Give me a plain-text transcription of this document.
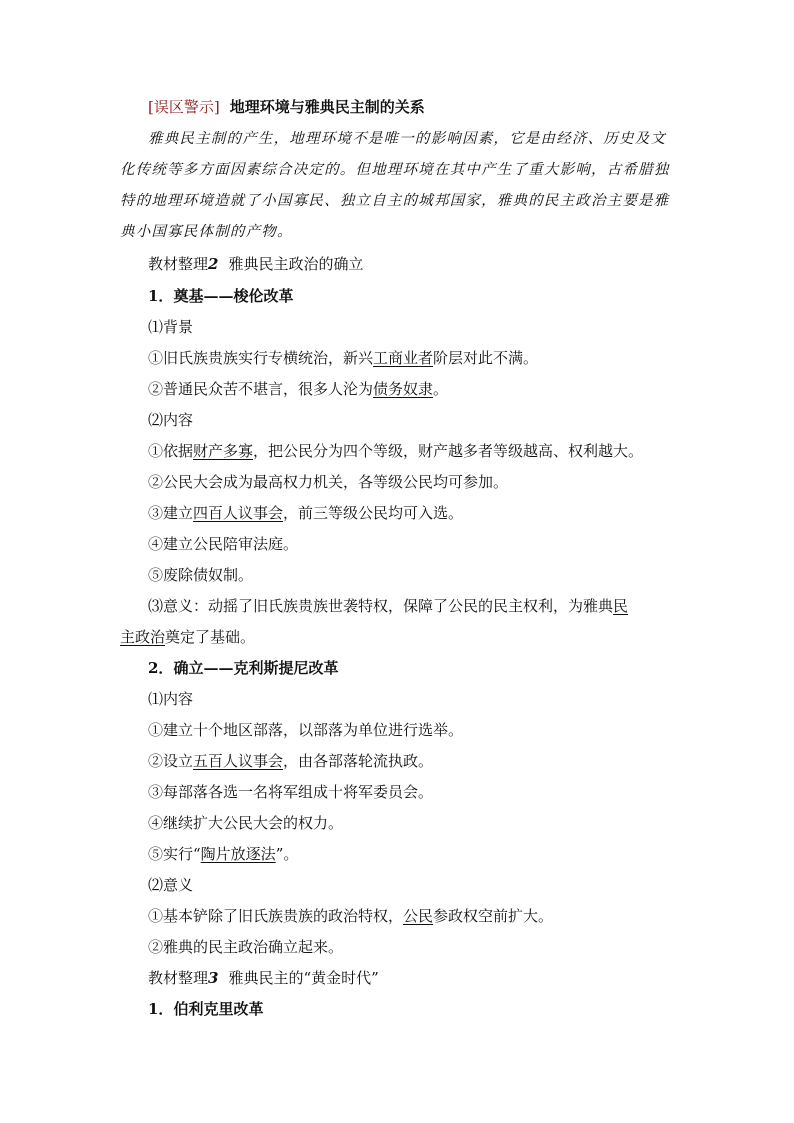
[误区警示] 地理环境与雅典民主制的关系
雅典民主制的产生，地理环境不是唯一的影响因素，它是由经济、历史及文
化传统等多方面因素综合决定的。但地理环境在其中产生了重大影响，古希腊独
特的地理环境造就了小国寡民、独立自主的城邦国家，雅典的民主政治主要是雅
典小国寡民体制的产物。
教材整理2 雅典民主政治的确立
1．奠基——梭伦改革
⑴背景
①旧氏族贵族实行专横统治，新兴工商业者阶层对此不满。
②普通民众苦不堪言，很多人沦为债务奴隶。
⑵内容
①依据财产多寡，把公民分为四个等级，财产越多者等级越高、权利越大。
②公民大会成为最高权力机关，各等级公民均可参加。
③建立四百人议事会，前三等级公民均可入选。
④建立公民陪审法庭。
⑤废除债奴制。
⑶意义：动摇了旧氏族贵族世袭特权，保障了公民的民主权利，为雅典民
主政治奠定了基础。
2．确立——克利斯提尼改革
⑴内容
①建立十个地区部落，以部落为单位进行选举。
②设立五百人议事会，由各部落轮流执政。
③每部落各选一名将军组成十将军委员会。
④继续扩大公民大会的权力。
⑤实行“陶片放逐法”。
⑵意义
①基本铲除了旧氏族贵族的政治特权，公民参政权空前扩大。
②雅典的民主政治确立起来。
教材整理3 雅典民主的“黄金时代”
1．伯利克里改革
